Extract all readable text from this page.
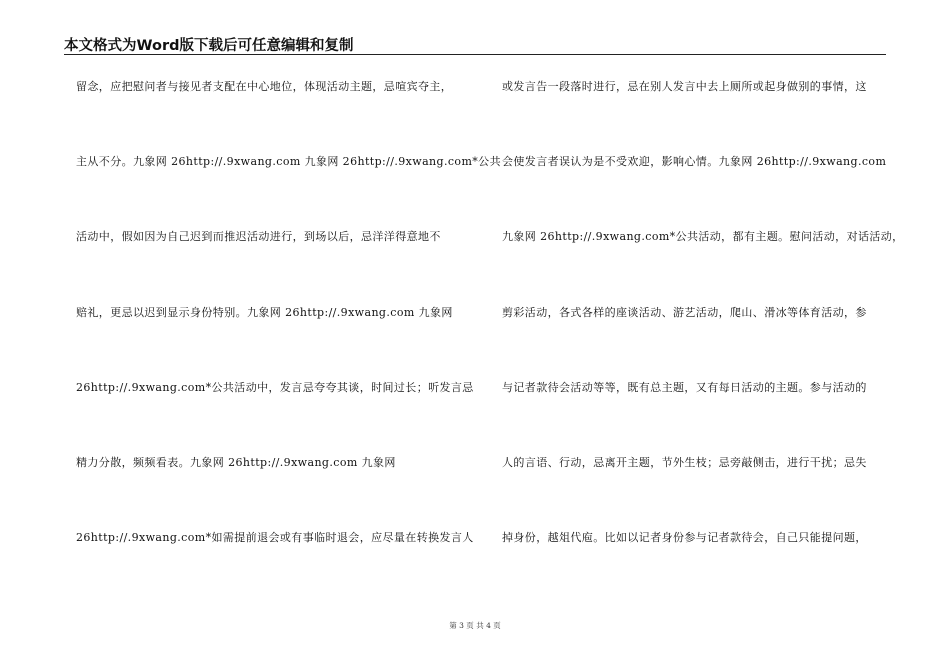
本文格式为Word版下载后可任意编辑和复制
留念，应把慰问者与接见者支配在中心地位，体现活动主题，忌喧宾夺主，
主从不分。九象网 26http://.9xwang.com 九象网 26http://.9xwang.com*公共
活动中，假如因为自己迟到而推迟活动进行，到场以后，忌洋洋得意地不
赔礼，更忌以迟到显示身份特别。九象网 26http://.9xwang.com 九象网
26http://.9xwang.com*公共活动中，发言忌夸夸其谈，时间过长；听发言忌
精力分散，频频看表。九象网 26http://.9xwang.com 九象网
26http://.9xwang.com*如需提前退会或有事临时退会，应尽量在转换发言人
或发言告一段落时进行，忌在别人发言中去上厕所或起身做别的事情，这
会使发言者误认为是不受欢迎，影响心情。九象网 26http://.9xwang.com
九象网 26http://.9xwang.com*公共活动，都有主题。慰问活动，对话活动，
剪彩活动，各式各样的座谈活动、游艺活动，爬山、滑冰等体育活动，参
与记者款待会活动等等，既有总主题，又有每日活动的主题。参与活动的
人的言语、行动，忌离开主题，节外生枝；忌旁敲侧击，进行干扰；忌失
掉身份，越俎代庖。比如以记者身份参与记者款待会，自己只能提问题，
第 3 页 共 4 页
